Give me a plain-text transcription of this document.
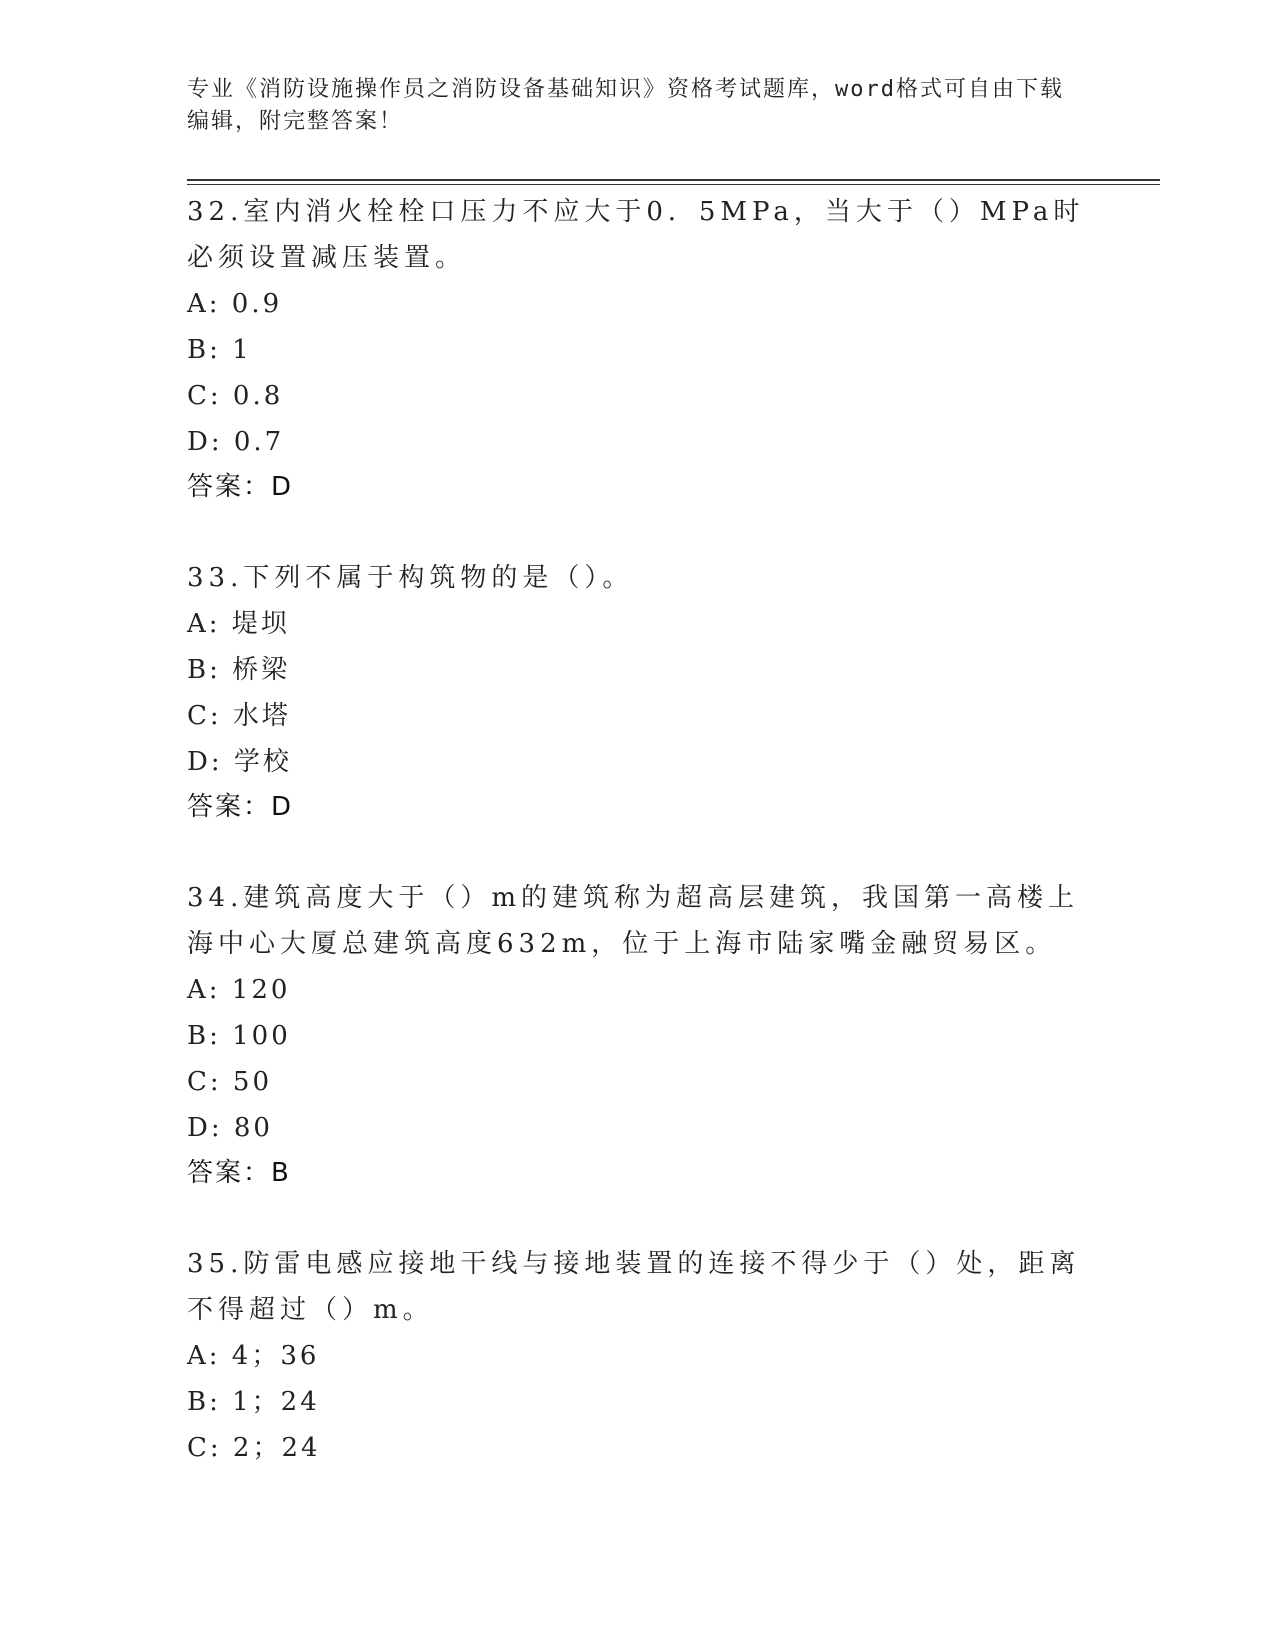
专业《消防设施操作员之消防设备基础知识》资格考试题库，word格式可自由下载编辑，附完整答案！

32.室内消火栓栓口压力不应大于0．5MPa，当大于（）MPa时必须设置减压装置。

A: 0.9

B: 1

C: 0.8

D: 0.7

答案：D

33.下列不属于构筑物的是（）。

A: 堤坝

B: 桥梁

C: 水塔

D: 学校

答案：D

34.建筑高度大于（）m的建筑称为超高层建筑，我国第一高楼上海中心大厦总建筑高度632m，位于上海市陆家嘴金融贸易区。

A: 120

B: 100

C: 50

D: 80

答案：B

35.防雷电感应接地干线与接地装置的连接不得少于（）处，距离不得超过（）m。

A: 4；36

B: 1；24

C: 2；24
